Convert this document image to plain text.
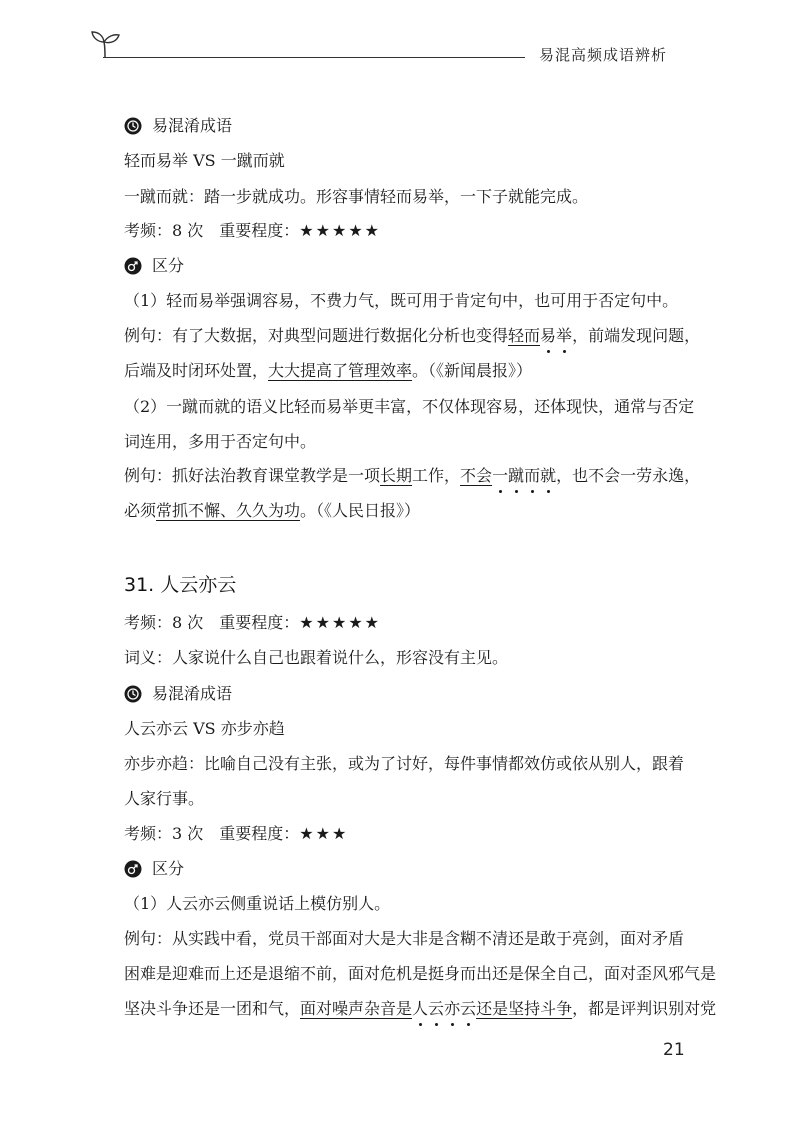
易混高频成语辨析
易混淆成语
轻而易举 VS 一蹴而就
一蹴而就：踏一步就成功。形容事情轻而易举，一下子就能完成。
考频：8 次　重要程度：★★★★★
区分
（1）轻而易举强调容易，不费力气，既可用于肯定句中，也可用于否定句中。
例句：有了大数据，对典型问题进行数据化分析也变得轻而易举，前端发现问题，
后端及时闭环处置，大大提高了管理效率。（《新闻晨报》）
（2）一蹴而就的语义比轻而易举更丰富，不仅体现容易，还体现快，通常与否定
词连用，多用于否定句中。
例句：抓好法治教育课堂教学是一项长期工作，不会一蹴而就，也不会一劳永逸，
必须常抓不懈、久久为功。（《人民日报》）
31. 人云亦云
考频：8 次　重要程度：★★★★★
词义：人家说什么自己也跟着说什么，形容没有主见。
易混淆成语
人云亦云 VS 亦步亦趋
亦步亦趋：比喻自己没有主张，或为了讨好，每件事情都效仿或依从别人，跟着
人家行事。
考频：3 次　重要程度：★★★
区分
（1）人云亦云侧重说话上模仿别人。
例句：从实践中看，党员干部面对大是大非是含糊不清还是敢于亮剑，面对矛盾
困难是迎难而上还是退缩不前，面对危机是挺身而出还是保全自己，面对歪风邪气是
坚决斗争还是一团和气，面对噪声杂音是人云亦云还是坚持斗争，都是评判识别对党
21
